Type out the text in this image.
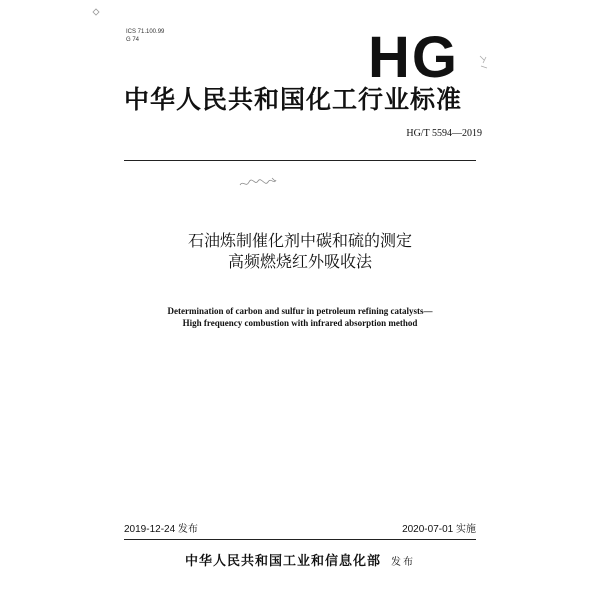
ICS 71.100.99
G 74	HG
中华人民共和国化工行业标准
HG/T 5594—2019
石油炼制催化剂中碳和硫的测定
高频燃烧红外吸收法
Determination of carbon and sulfur in petroleum refining catalysts—
High frequency combustion with infrared absorption method
2019-12-24 发布	2020-07-01 实施
中华人民共和国工业和信息化部 发布
